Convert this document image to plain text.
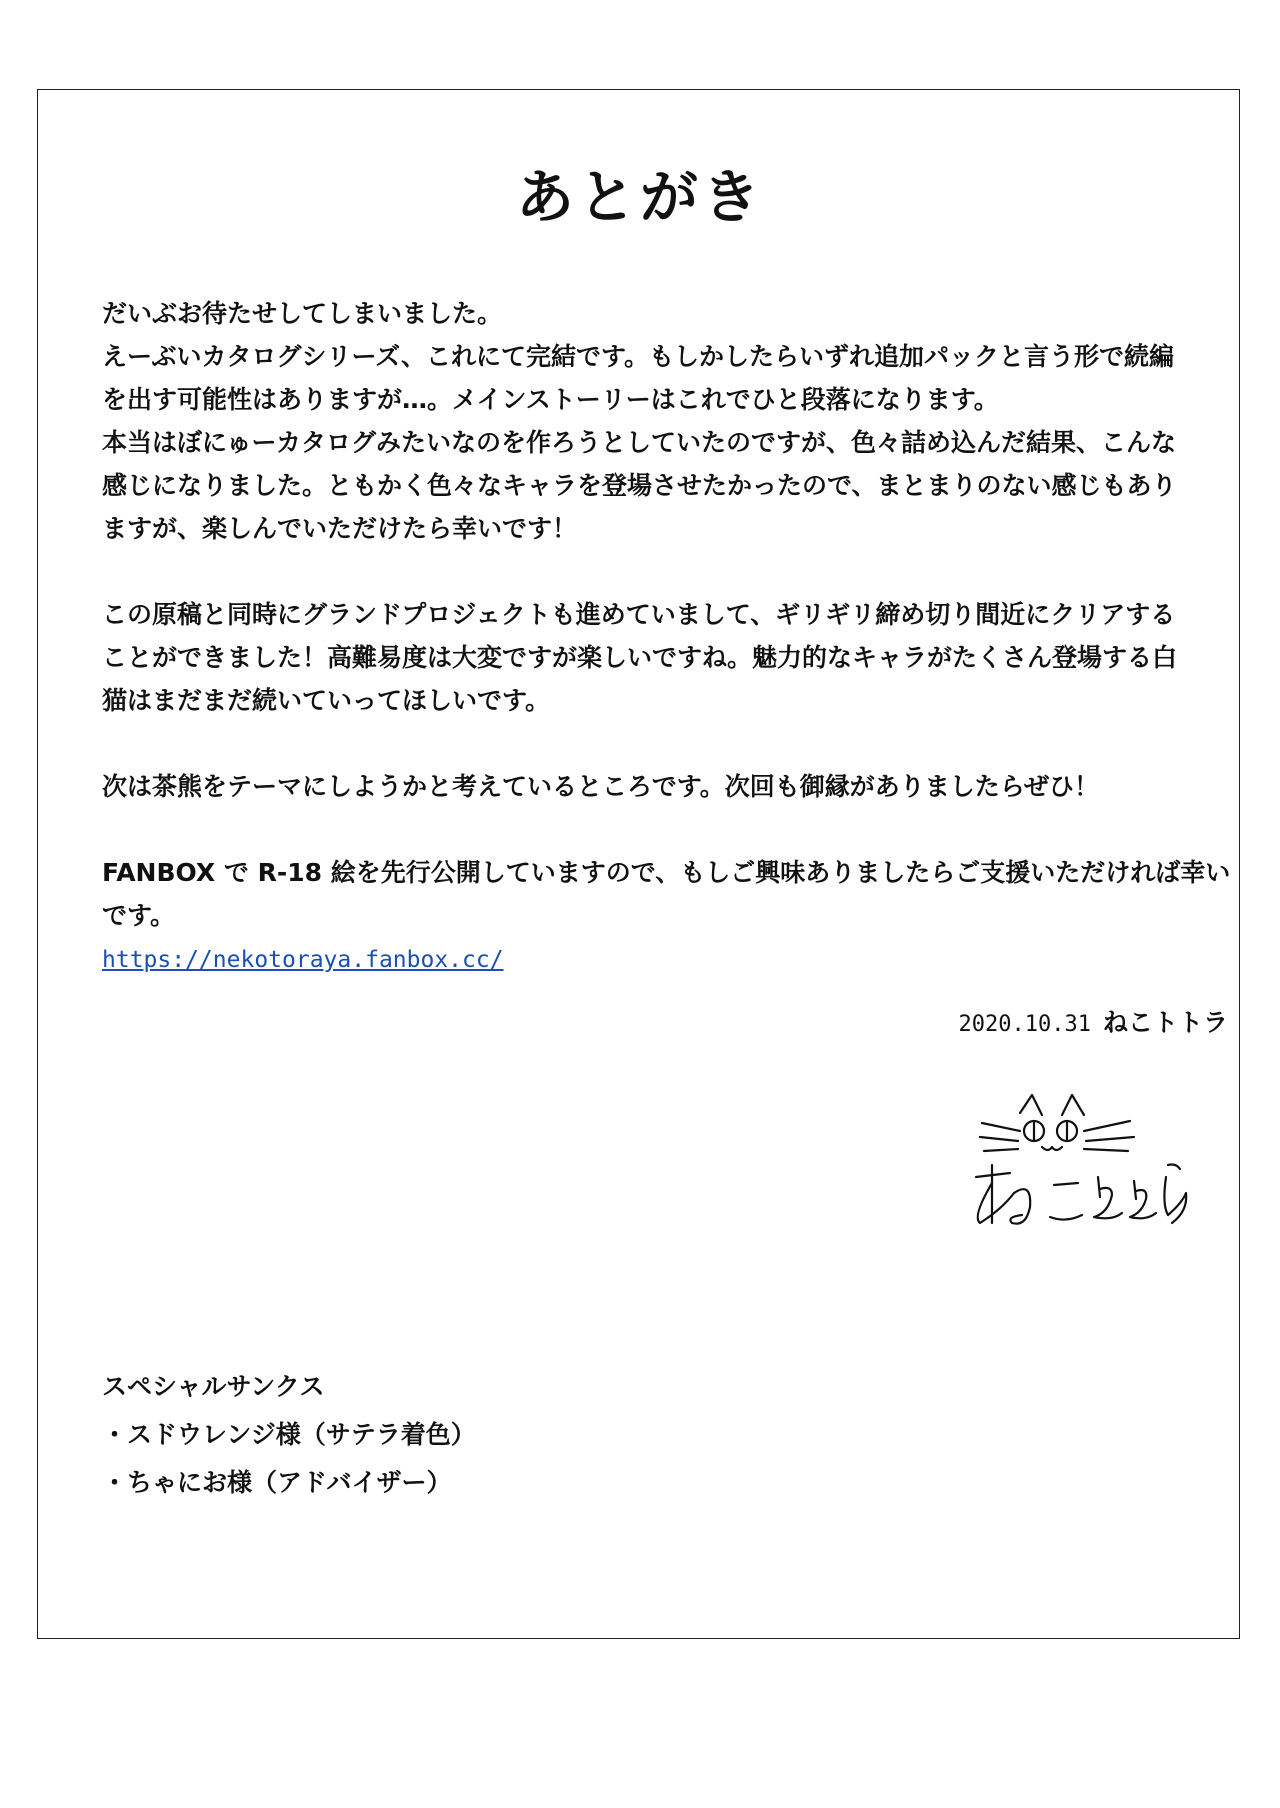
あとがき

だいぶお待たせしてしまいました。

えーぶいカタログシリーズ、これにて完結です。もしかしたらいずれ追加パックと言う形で続編

を出す可能性はありますが…。メインストーリーはこれでひと段落になります。

本当はぼにゅーカタログみたいなのを作ろうとしていたのですが、色々詰め込んだ結果、こんな

感じになりました。ともかく色々なキャラを登場させたかったので、まとまりのない感じもあり

ますが、楽しんでいただけたら幸いです！

この原稿と同時にグランドプロジェクトも進めていまして、ギリギリ締め切り間近にクリアする

ことができました！高難易度は大変ですが楽しいですね。魅力的なキャラがたくさん登場する白

猫はまだまだ続いていってほしいです。

次は茶熊をテーマにしようかと考えているところです。次回も御縁がありましたらぜひ！

FANBOX で R-18 絵を先行公開していますので、もしご興味ありましたらご支援いただければ幸い

です。

https://nekotoraya.fanbox.cc/

2020.10.31 ねこトトラ

スペシャルサンクス

・スドウレンジ様（サテラ着色）

・ちゃにお様（アドバイザー）
